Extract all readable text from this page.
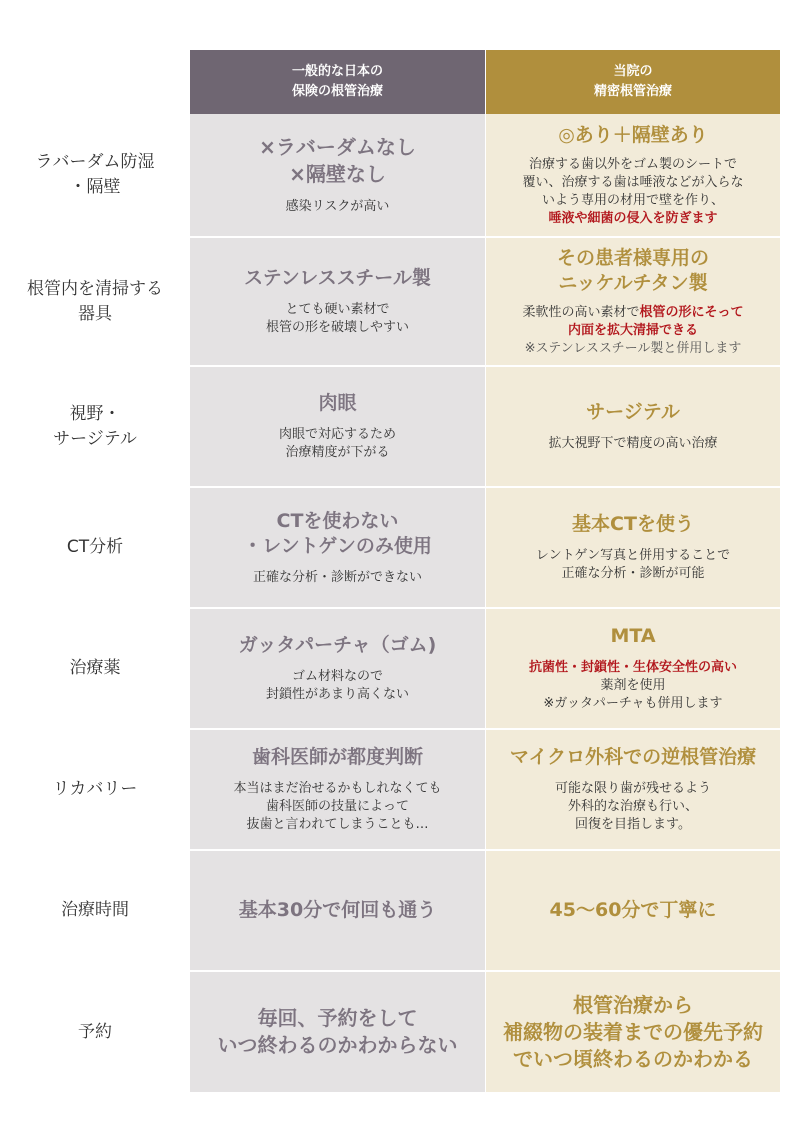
一般的な日本の
保険の根管治療
当院の
精密根管治療
ラバーダム防湿
・隔壁
×ラバーダムなし
×隔壁なし
感染リスクが高い
◎あり＋隔壁あり
治療する歯以外をゴム製のシートで
覆い、治療する歯は唾液などが入らな
いよう専用の材用で壁を作り、
唾液や細菌の侵入を防ぎます
根管内を清掃する
器具
ステンレススチール製
とても硬い素材で
根管の形を破壊しやすい
その患者様専用の
ニッケルチタン製
柔軟性の高い素材で根管の形にそって
内面を拡大清掃できる
※ステンレススチール製と併用します
視野・
サージテル
肉眼
肉眼で対応するため
治療精度が下がる
サージテル
拡大視野下で精度の高い治療
CT分析
CTを使わない
・レントゲンのみ使用
正確な分析・診断ができない
基本CTを使う
レントゲン写真と併用することで
正確な分析・診断が可能
治療薬
ガッタパーチャ（ゴム)
ゴム材料なので
封鎖性があまり高くない
MTA
抗菌性・封鎖性・生体安全性の高い
薬剤を使用
※ガッタパーチャも併用します
リカバリー
歯科医師が都度判断
本当はまだ治せるかもしれなくても
歯科医師の技量によって
抜歯と言われてしまうことも…
マイクロ外科での逆根管治療
可能な限り歯が残せるよう
外科的な治療も行い、
回復を目指します。
治療時間	基本30分で何回も通う	45〜60分で丁寧に
予約
毎回、予約をして
いつ終わるのかわからない
根管治療から
補綴物の装着までの優先予約
でいつ頃終わるのかわかる
